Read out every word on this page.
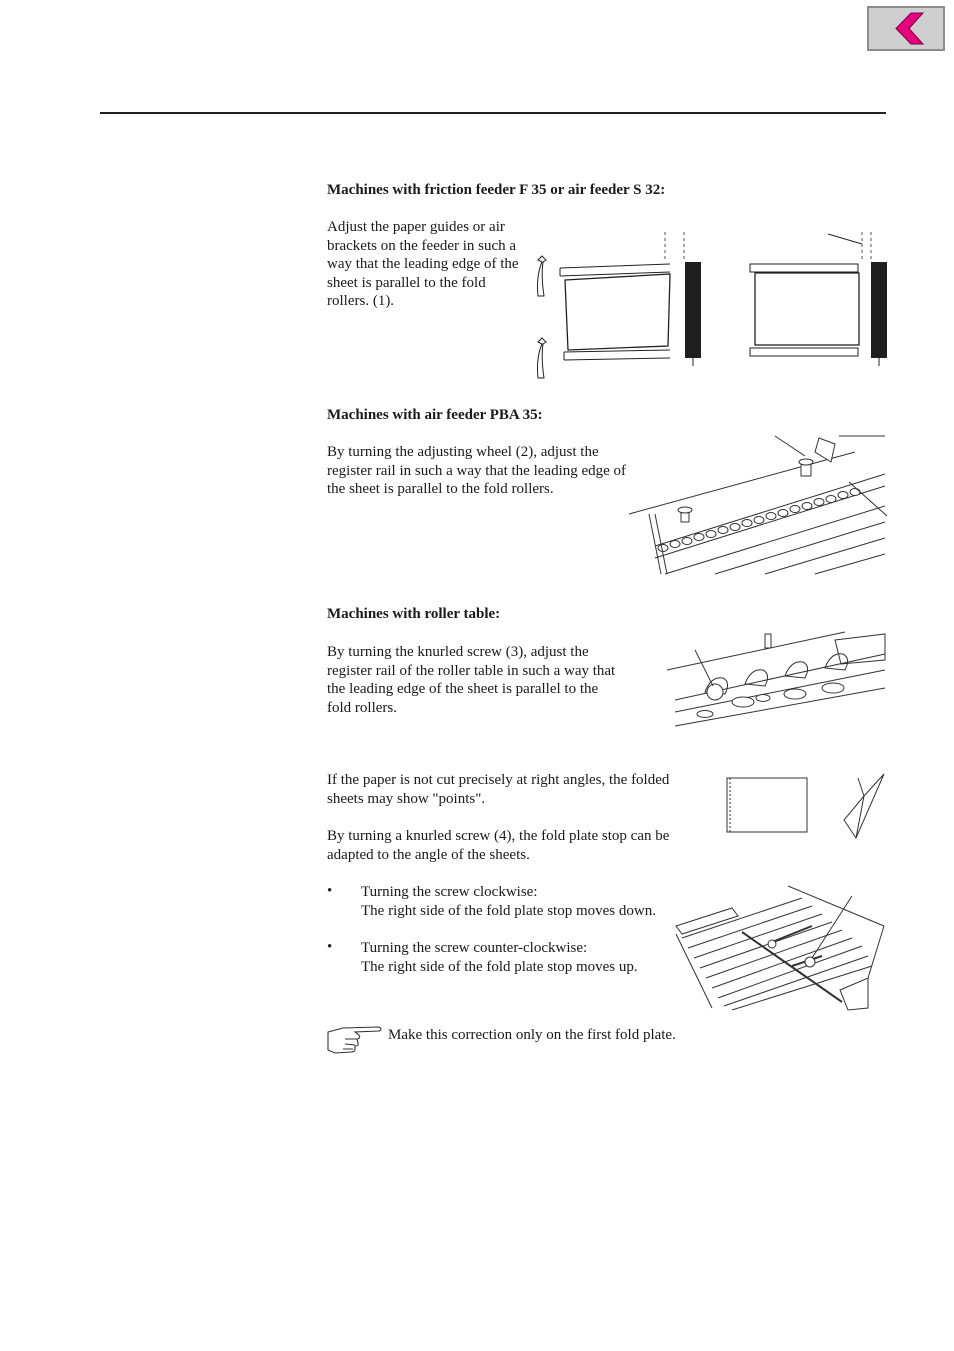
Machines with friction feeder F 35 or air feeder S 32:
Adjust the paper guides or air brackets on the feeder in such a way that the leading edge of the sheet is parallel to the fold rollers. (1).
Machines with air feeder PBA 35:
By turning the adjusting wheel (2), adjust the register rail in such a way that the leading edge of the sheet is parallel to the fold rollers.
Machines with roller table:
By turning the knurled screw (3), adjust the register rail of the roller table in such a way that the leading edge of the sheet is parallel to the fold rollers.
If the paper is not cut precisely at right angles, the folded sheets may show "points".
By turning a knurled screw (4), the fold plate stop can be adapted to the angle of the sheets.
• Turning the screw clockwise:
The right side of the fold plate stop moves down.
• Turning the screw counter-clockwise:
The right side of the fold plate stop moves up.
Make this correction only on the first fold plate.
